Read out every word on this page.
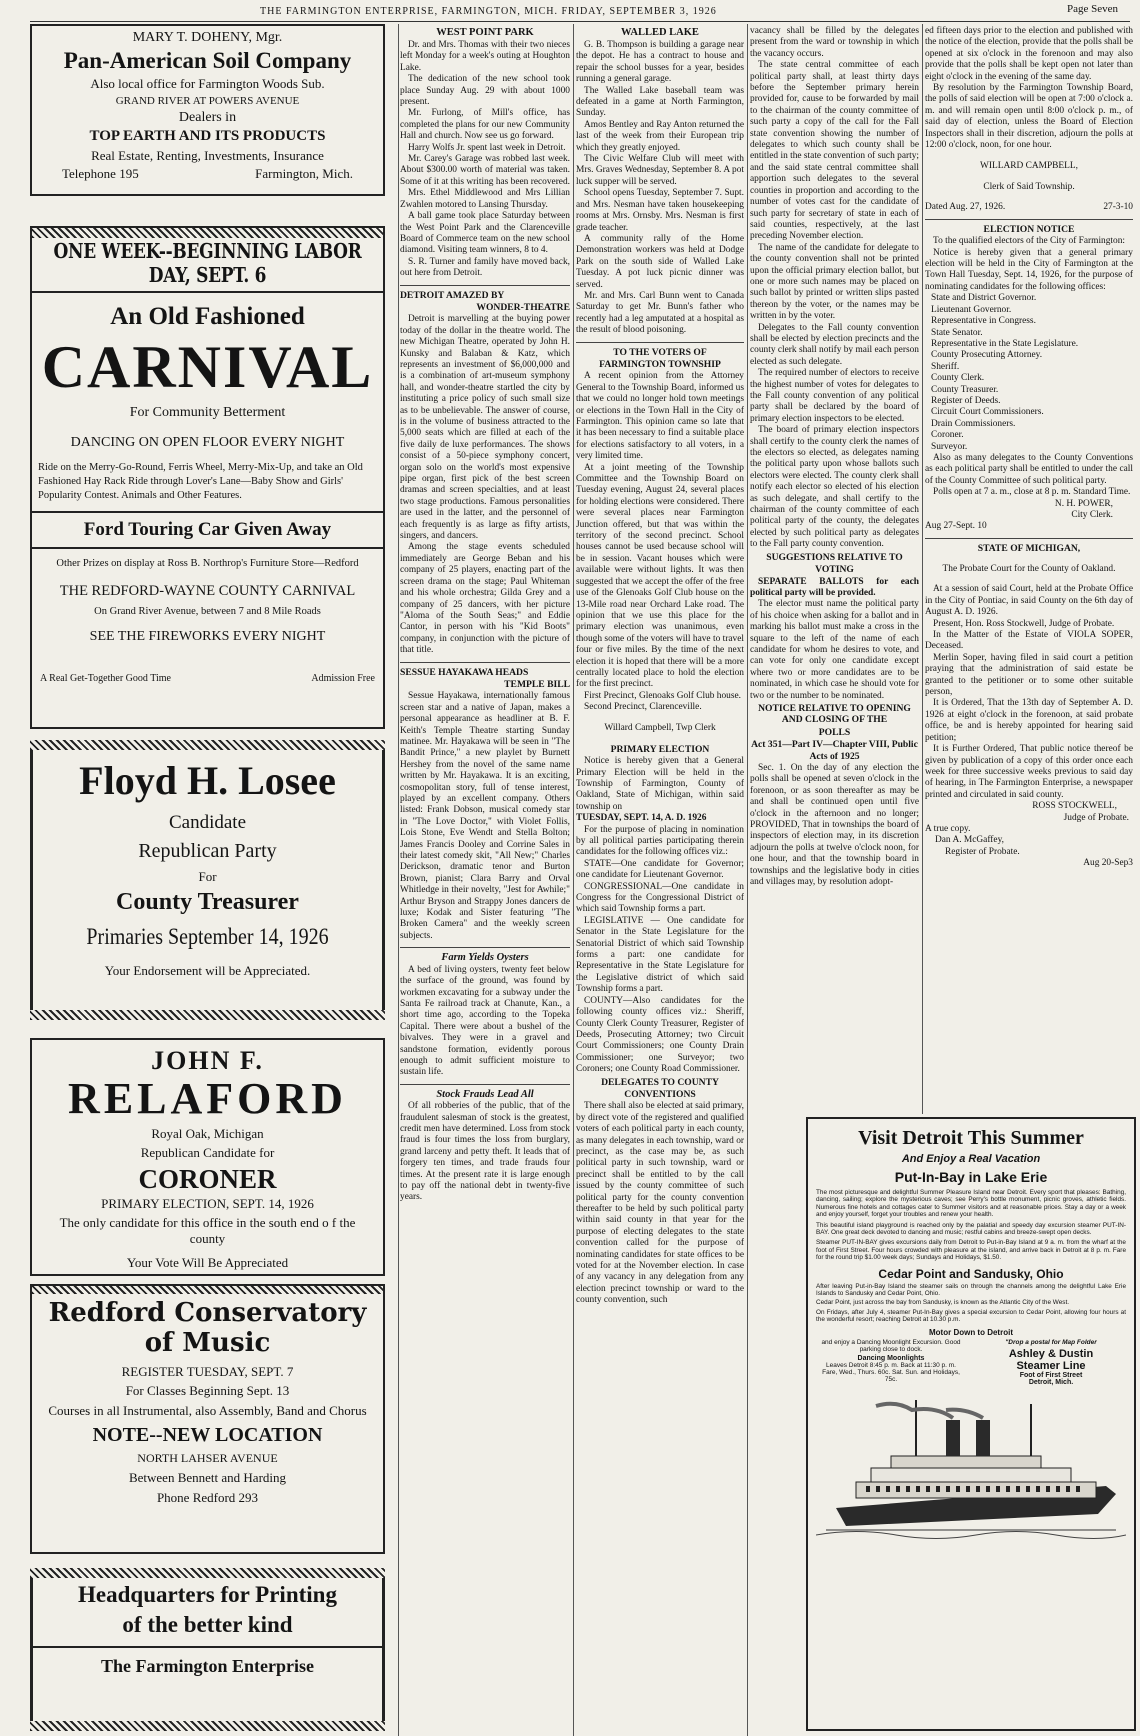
THE FARMINGTON ENTERPRISE, FARMINGTON, MICH. FRIDAY, SEPTEMBER 3, 1926	Page Seven

MARY T. DOHENY, Mgr.

Pan-American Soil Company

Also local office for Farmington Woods Sub.

GRAND RIVER AT POWERS AVENUE

Dealers in

TOP EARTH AND ITS PRODUCTS

Real Estate, Renting, Investments, Insurance

Telephone 195	Farmington, Mich.

ONE WEEK--BEGINNING LABOR DAY, SEPT. 6

An Old Fashioned

CARNIVAL

For Community Betterment

DANCING ON OPEN FLOOR EVERY NIGHT

Ride on the Merry-Go-Round, Ferris Wheel, Merry-Mix-Up, and take an Old Fashioned Hay Rack Ride through Lover's Lane—Baby Show and Girls' Popularity Contest. Animals and Other Features.

Ford Touring Car Given Away

Other Prizes on display at Ross B. Northrop's Furniture Store—Redford

THE REDFORD-WAYNE COUNTY CARNIVAL

On Grand River Avenue, between 7 and 8 Mile Roads

SEE THE FIREWORKS EVERY NIGHT

A Real Get-Together Good Time	Admission Free

Floyd H. Losee

Candidate

Republican Party

For

County Treasurer

Primaries September 14, 1926

Your Endorsement will be Appreciated.

JOHN F.

RELAFORD

Royal Oak, Michigan

Republican Candidate for

CORONER

PRIMARY ELECTION, SEPT. 14, 1926

The only candidate for this office in the south end o f the county

Your Vote Will Be Appreciated

Redford Conservatory

of Music

REGISTER TUESDAY, SEPT. 7

For Classes Beginning Sept. 13

Courses in all Instrumental, also Assembly, Band and Chorus

NOTE--NEW LOCATION

NORTH LAHSER AVENUE

Between Bennett and Harding

Phone Redford 293

Headquarters for Printing

of the better kind

The Farmington Enterprise

WEST POINT PARK

Dr. and Mrs. Thomas with their two nieces left Monday for a week's outing at Houghton Lake.

The dedication of the new school took place Sunday Aug. 29 with about 1000 present.

Mr. Furlong, of Mill's office, has completed the plans for our new Community Hall and church. Now see us go forward.

Harry Wolfs Jr. spent last week in Detroit.

Mr. Carey's Garage was robbed last week. About $300.00 worth of material was taken. Some of it at this writing has been recovered.

Mrs. Ethel Middlewood and Mrs Lillian Zwahlen motored to Lansing Thursday.

A ball game took place Saturday between the West Point Park and the Clarenceville Board of Commerce team on the new school diamond. Visiting team winners, 8 to 4.

S. R. Turner and family have moved back, out here from Detroit.

DETROIT AMAZED BY

WONDER-THEATRE

Detroit is marvelling at the buying power today of the dollar in the theatre world. The new Michigan Theatre, operated by John H. Kunsky and Balaban & Katz, which represents an investment of $6,000,000 and is a combination of art-museum symphony hall, and wonder-theatre startled the city by instituting a price policy of such small size as to be unbelievable. The answer of course, is in the volume of business attracted to the 5,000 seats which are filled at each of the five daily de luxe performances. The shows consist of a 50-piece symphony concert, organ solo on the world's most expensive pipe organ, first pick of the best screen dramas and screen specialties, and at least two stage productions. Famous personalities are used in the latter, and the personnel of each frequently is as large as fifty artists, singers, and dancers.

Among the stage events scheduled immediately are George Beban and his company of 25 players, enacting part of the screen drama on the stage; Paul Whiteman and his whole orchestra; Gilda Grey and a company of 25 dancers, with her picture "Aloma of the South Seas;" and Eddie Cantor, in person with his "Kid Boots" company, in conjunction with the picture of that title.

SESSUE HAYAKAWA HEADS

TEMPLE BILL

Sessue Hayakawa, internationally famous screen star and a native of Japan, makes a personal appearance as headliner at B. F. Keith's Temple Theatre starting Sunday matinee. Mr. Hayakawa will be seen in "The Bandit Prince," a new playlet by Burnett Hershey from the novel of the same name written by Mr. Hayakawa. It is an exciting, cosmopolitan story, full of tense interest, played by an excellent company. Others listed: Frank Dobson, musical comedy star in "The Love Doctor," with Violet Follis, Lois Stone, Eve Wendt and Stella Bolton; James Francis Dooley and Corrine Sales in their latest comedy skit, "All New;" Charles Derickson, dramatic tenor and Burton Brown, pianist; Clara Barry and Orval Whitledge in their novelty, "Jest for Awhile;" Arthur Bryson and Strappy Jones dancers de luxe; Kodak and Sister featuring "The Broken Camera" and the weekly screen subjects.

Farm Yields Oysters

A bed of living oysters, twenty feet below the surface of the ground, was found by workmen excavating for a subway under the Santa Fe railroad track at Chanute, Kan., a short time ago, according to the Topeka Capital. There were about a bushel of the bivalves. They were in a gravel and sandstone formation, evidently porous enough to admit sufficient moisture to sustain life.

Stock Frauds Lead All

Of all robberies of the public, that of the fraudulent salesman of stock is the greatest, credit men have determined. Loss from stock fraud is four times the loss from burglary, grand larceny and petty theft. It leads that of forgery ten times, and trade frauds four times. At the present rate it is large enough to pay off the national debt in twenty-five years.

WALLED LAKE

G. B. Thompson is building a garage near the depot. He has a contract to house and repair the school busses for a year, besides running a general garage.

The Walled Lake baseball team was defeated in a game at North Farmington, Sunday.

Amos Bentley and Ray Anton returned the last of the week from their European trip which they greatly enjoyed.

The Civic Welfare Club will meet with Mrs. Graves Wednesday, September 8. A pot luck supper will be served.

School opens Tuesday, September 7. Supt. and Mrs. Nesman have taken housekeeping rooms at Mrs. Ornsby. Mrs. Nesman is first grade teacher.

A community rally of the Home Demonstration workers was held at Dodge Park on the south side of Walled Lake Tuesday. A pot luck picnic dinner was served.

Mr. and Mrs. Carl Bunn went to Canada Saturday to get Mr. Bunn's father who recently had a leg amputated at a hospital as the result of blood poisoning.

TO THE VOTERS OF

FARMINGTON TOWNSHIP

A recent opinion from the Attorney General to the Township Board, informed us that we could no longer hold town meetings or elections in the Town Hall in the City of Farmington. This opinion came so late that it has been necessary to find a suitable place for elections satisfactory to all voters, in a very limited time.

At a joint meeting of the Township Committee and the Township Board on Tuesday evening, August 24, several places for holding elections were considered. There were several places near Farmington Junction offered, but that was within the territory of the second precinct. School houses cannot be used because school will be in session. Vacant houses which were available were without lights. It was then suggested that we accept the offer of the free use of the Glenoaks Golf Club house on the 13-Mile road near Orchard Lake road. The opinion that we use this place for the primary election was unanimous, even though some of the voters will have to travel four or five miles. By the time of the next election it is hoped that there will be a more centrally located place to hold the election for the first precinct.

First Precinct, Glenoaks Golf Club house.

Second Precinct, Clarenceville.

Willard Campbell, Twp Clerk

PRIMARY ELECTION

Notice is hereby given that a General Primary Election will be held in the Township of Farmington, County of Oakland, State of Michigan, within said township on

TUESDAY, SEPT. 14, A. D. 1926

For the purpose of placing in nomination by all political parties participating therein candidates for the following offices viz.:

STATE—One candidate for Governor; one candidate for Lieutenant Governor.

CONGRESSIONAL—One candidate in Congress for the Congressional District of which said Township forms a part.

LEGISLATIVE — One candidate for Senator in the State Legislature for the Senatorial District of which said Township forms a part: one candidate for Representative in the State Legislature for the Legislative district of which said Township forms a part.

COUNTY—Also candidates for the following county offices viz.: Sheriff, County Clerk County Treasurer, Register of Deeds, Prosecuting Attorney; two Circuit Court Commissioners; one County Drain Commissioner; one Surveyor; two Coroners; one County Road Commissioner.

DELEGATES TO COUNTY

CONVENTIONS

There shall also be elected at said primary, by direct vote of the registered and qualified voters of each political party in each county, as many delegates in each township, ward or precinct, as the case may be, as such political party in such township, ward or precinct shall be entitled to by the call issued by the county committee of such political party for the county convention thereafter to be held by such political party within said county in that year for the purpose of electing delegates to the state convention called for the purpose of nominating candidates for state offices to be voted for at the November election. In case of any vacancy in any delegation from any election precinct township or ward to the county convention, such

vacancy shall be filled by the delegates present from the ward or township in which the vacancy occurs.

The state central committee of each political party shall, at least thirty days before the September primary herein provided for, cause to be forwarded by mail to the chairman of the county committee of such party a copy of the call for the Fall state convention showing the number of delegates to which such county shall be entitled in the state convention of such party; and the said state central committee shall apportion such delegates to the several counties in proportion and according to the number of votes cast for the candidate of such party for secretary of state in each of said counties, respectively, at the last preceding November election.

The name of the candidate for delegate to the county convention shall not be printed upon the official primary election ballot, but one or more such names may be placed on such ballot by printed or written slips pasted thereon by the voter, or the names may be written in by the voter.

Delegates to the Fall county convention shall be elected by election precincts and the county clerk shall notify by mail each person elected as such delegate.

The required number of electors to receive the highest number of votes for delegates to the Fall county convention of any political party shall be declared by the board of primary election inspectors to be elected.

The board of primary election inspectors shall certify to the county clerk the names of the electors so elected, as delegates naming the political party upon whose ballots such electors were elected. The county clerk shall notify each elector so elected of his election as such delegate, and shall certify to the chairman of the county committee of each political party of the county, the delegates elected by such political party as delegates to the Fall party county convention.

SUGGESTIONS RELATIVE TO

VOTING

SEPARATE BALLOTS for each political party will be provided.

The elector must name the political party of his choice when asking for a ballot and in marking his ballot must make a cross in the square to the left of the name of each candidate for whom he desires to vote, and can vote for only one candidate except where two or more candidates are to be nominated, in which case he should vote for two or the number to be nominated.

NOTICE RELATIVE TO OPENING AND CLOSING OF THE

POLLS

Act 351—Part IV—Chapter VIII, Public Acts of 1925

Sec. 1. On the day of any election the polls shall be opened at seven o'clock in the forenoon, or as soon thereafter as may be and shall be continued open until five o'clock in the afternoon and no longer; PROVIDED, That in townships the board of inspectors of election may, in its discretion adjourn the polls at twelve o'clock noon, for one hour, and that the township board in townships and the legislative body in cities and villages may, by resolution adopt-

ed fifteen days prior to the election and published with the notice of the election, provide that the polls shall be opened at six o'clock in the forenoon and may also provide that the polls shall be kept open not later than eight o'clock in the evening of the same day.

By resolution by the Farmington Township Board, the polls of said election will be open at 7:00 o'clock a. m. and will remain open until 8:00 o'clock p. m., of said day of election, unless the Board of Election Inspectors shall in their discretion, adjourn the polls at 12:00 o'clock, noon, for one hour.

WILLARD CAMPBELL,

Clerk of Said Township.

Dated Aug. 27, 1926.	27-3-10

ELECTION NOTICE

To the qualified electors of the City of Farmington:

Notice is hereby given that a general primary election will be held in the City of Farmington at the Town Hall Tuesday, Sept. 14, 1926, for the purpose of nominating candidates for the following offices:

State and District Governor.

Lieutenant Governor.

Representative in Congress.

State Senator.

Representative in the State Legislature.

County Prosecuting Attorney.

Sheriff.

County Clerk.

County Treasurer.

Register of Deeds.

Circuit Court Commissioners.

Drain Commissioners.

Coroner.

Surveyor.

Also as many delegates to the County Conventions as each political party shall be entitled to under the call of the County Committee of such political party.

Polls open at 7 a. m., close at 8 p. m. Standard Time.

N. H. POWER,

City Clerk.

Aug 27-Sept. 10

STATE OF MICHIGAN,

The Probate Court for the County of Oakland.

At a session of said Court, held at the Probate Office in the City of Pontiac, in said County on the 6th day of August A. D. 1926.

Present, Hon. Ross Stockwell, Judge of Probate.

In the Matter of the Estate of VIOLA SOPER, Deceased.

Merlin Soper, having filed in said court a petition praying that the administration of said estate be granted to the petitioner or to some other suitable person,

It is Ordered, That the 13th day of September A. D. 1926 at eight o'clock in the forenoon, at said probate office, be and is hereby appointed for hearing said petition;

It is Further Ordered, That public notice thereof be given by publication of a copy of this order once each week for three successive weeks previous to said day of hearing, in The Farmington Enterprise, a newspaper printed and circulated in said county.

ROSS STOCKWELL,

Judge of Probate.

A true copy.

Dan A. McGaffey,

Register of Probate.

Aug 20-Sep3

Visit Detroit This Summer

And Enjoy a Real Vacation

Put-In-Bay in Lake Erie

The most picturesque and delightful Summer Pleasure Island near Detroit. Every sport that pleases: Bathing, dancing, sailing; explore the mysterious caves; see Perry's bottle monument, picnic groves, athletic fields. Numerous fine hotels and cottages cater to Summer visitors and at reasonable prices. Stay a day or a week and enjoy yourself, forget your troubles and renew your health.

This beautiful island playground is reached only by the palatial and speedy day excursion steamer PUT-IN-BAY. One great deck devoted to dancing and music; restful cabins and breeze-swept open decks.

Steamer PUT-IN-BAY gives excursions daily from Detroit to Put-in-Bay Island at 9 a. m. from the wharf at the foot of First Street. Four hours crowded with pleasure at the island, and arrive back in Detroit at 8 p. m. Fare for the round trip $1.00 week days; Sundays and Holidays, $1.50.

Cedar Point and Sandusky, Ohio

After leaving Put-in-Bay Island the steamer sails on through the channels among the delightful Lake Erie Islands to Sandusky and Cedar Point, Ohio.

Cedar Point, just across the bay from Sandusky, is known as the Atlantic City of the West.

On Fridays, after July 4, steamer Put-In-Bay gives a special excursion to Cedar Point, allowing four hours at the wonderful resort; reaching Detroit at 10.30 p.m.

Motor Down to Detroit

and enjoy a Dancing Moonlight Excursion. Good parking close to dock.

Dancing Moonlights

Leaves Detroit 8:45 p. m. Back at 11:30 p. m.

Fare, Wed., Thurs. 60c. Sat. Sun. and Holidays, 75c.

"Drop a postal for Map Folder

Ashley & Dustin

Steamer Line

Foot of First Street

Detroit, Mich.
